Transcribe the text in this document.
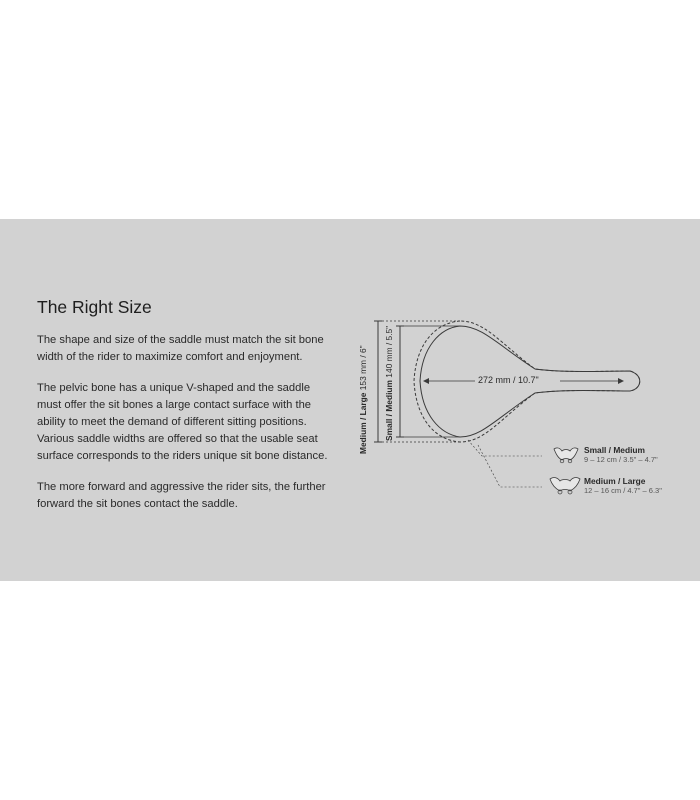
The Right Size

The shape and size of the saddle must match the sit bone width of the rider to maximize comfort and enjoyment.

The pelvic bone has a unique V-shaped and the saddle must offer the sit bones a large contact surface with the ability to meet the demand of different sitting positions. Various saddle widths are offered so that the usable seat surface corresponds to the riders unique sit bone distance.

The more forward and aggressive the rider sits, the further forward the sit bones contact the saddle.

Medium / Large 153 mm / 6"
Small / Medium 140 mm / 5.5"
272 mm / 10.7"
Small / Medium
9 – 12 cm / 3.5" – 4.7"
Medium / Large
12 – 16 cm / 4.7" – 6.3"
